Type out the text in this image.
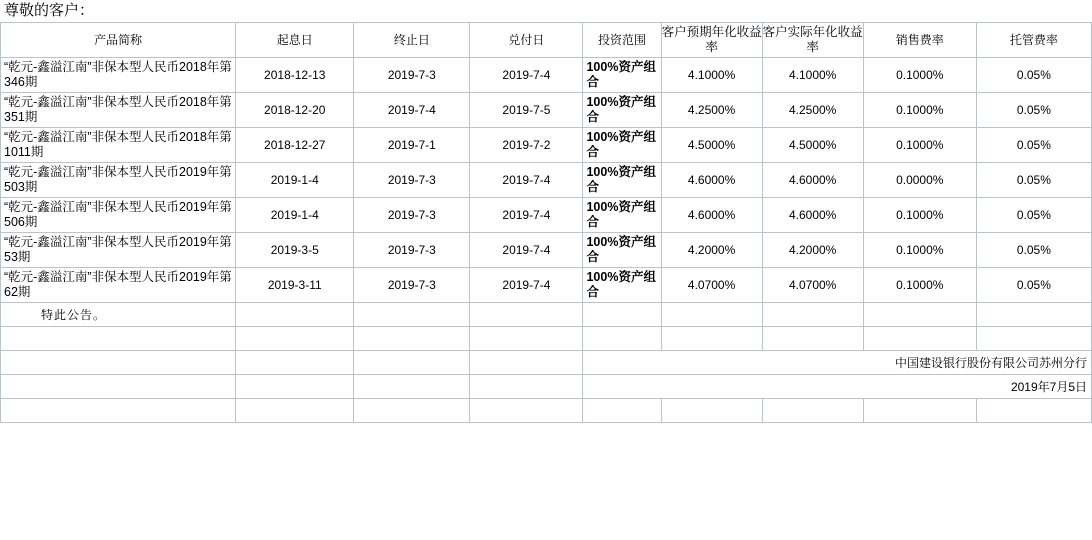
尊敬的客户：
产品简称	起息日	终止日	兑付日	投资范围	客户预期年化收益率	客户实际年化收益率	销售费率	托管费率
“乾元-鑫溢江南”非保本型人民币2018年第346期	2018-12-13	2019-7-3	2019-7-4	100%资产组合	4.1000%	4.1000%	0.1000%	0.05%
“乾元-鑫溢江南”非保本型人民币2018年第351期	2018-12-20	2019-7-4	2019-7-5	100%资产组合	4.2500%	4.2500%	0.1000%	0.05%
“乾元-鑫溢江南”非保本型人民币2018年第1011期	2018-12-27	2019-7-1	2019-7-2	100%资产组合	4.5000%	4.5000%	0.1000%	0.05%
“乾元-鑫溢江南”非保本型人民币2019年第503期	2019-1-4	2019-7-3	2019-7-4	100%资产组合	4.6000%	4.6000%	0.0000%	0.05%
“乾元-鑫溢江南”非保本型人民币2019年第506期	2019-1-4	2019-7-3	2019-7-4	100%资产组合	4.6000%	4.6000%	0.1000%	0.05%
“乾元-鑫溢江南”非保本型人民币2019年第53期	2019-3-5	2019-7-3	2019-7-4	100%资产组合	4.2000%	4.2000%	0.1000%	0.05%
“乾元-鑫溢江南”非保本型人民币2019年第62期	2019-3-11	2019-7-3	2019-7-4	100%资产组合	4.0700%	4.0700%	0.1000%	0.05%
特此公告。								

				中国建设银行股份有限公司苏州分行				
				2019年7月5日				
